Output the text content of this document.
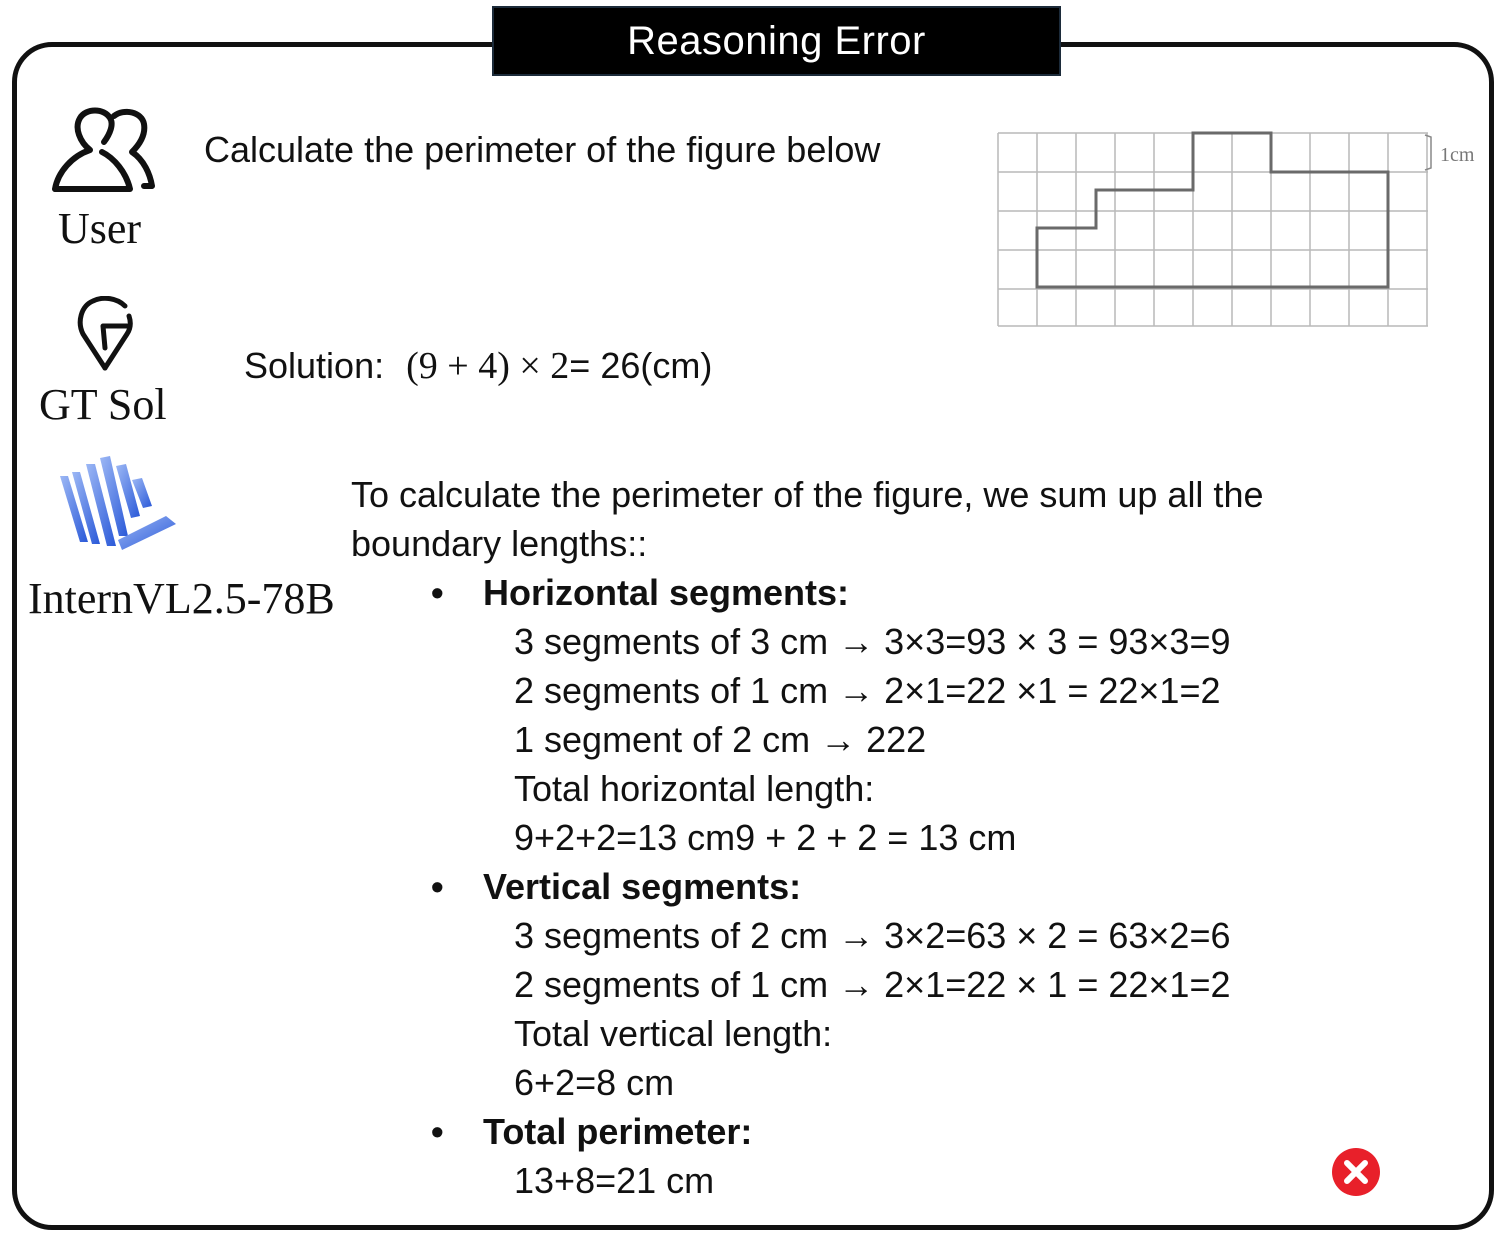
Reasoning Error
User
Calculate the perimeter of the figure below	1cm
GT Sol
Solution: (9 + 4) × 2= 26(cm)
InternVL2.5-78B
To calculate the perimeter of the figure, we sum up all the boundary lengths::
• Horizontal segments:
3 segments of 3 cm → 3×3=93 × 3 = 93×3=9
2 segments of 1 cm → 2×1=22 ×1 = 22×1=2
1 segment of 2 cm → 222
Total horizontal length:
9+2+2=13 cm9 + 2 + 2 = 13 cm
• Vertical segments:
3 segments of 2 cm → 3×2=63 × 2 = 63×2=6
2 segments of 1 cm → 2×1=22 × 1 = 22×1=2
Total vertical length:
6+2=8 cm
• Total perimeter:
13+8=21 cm
